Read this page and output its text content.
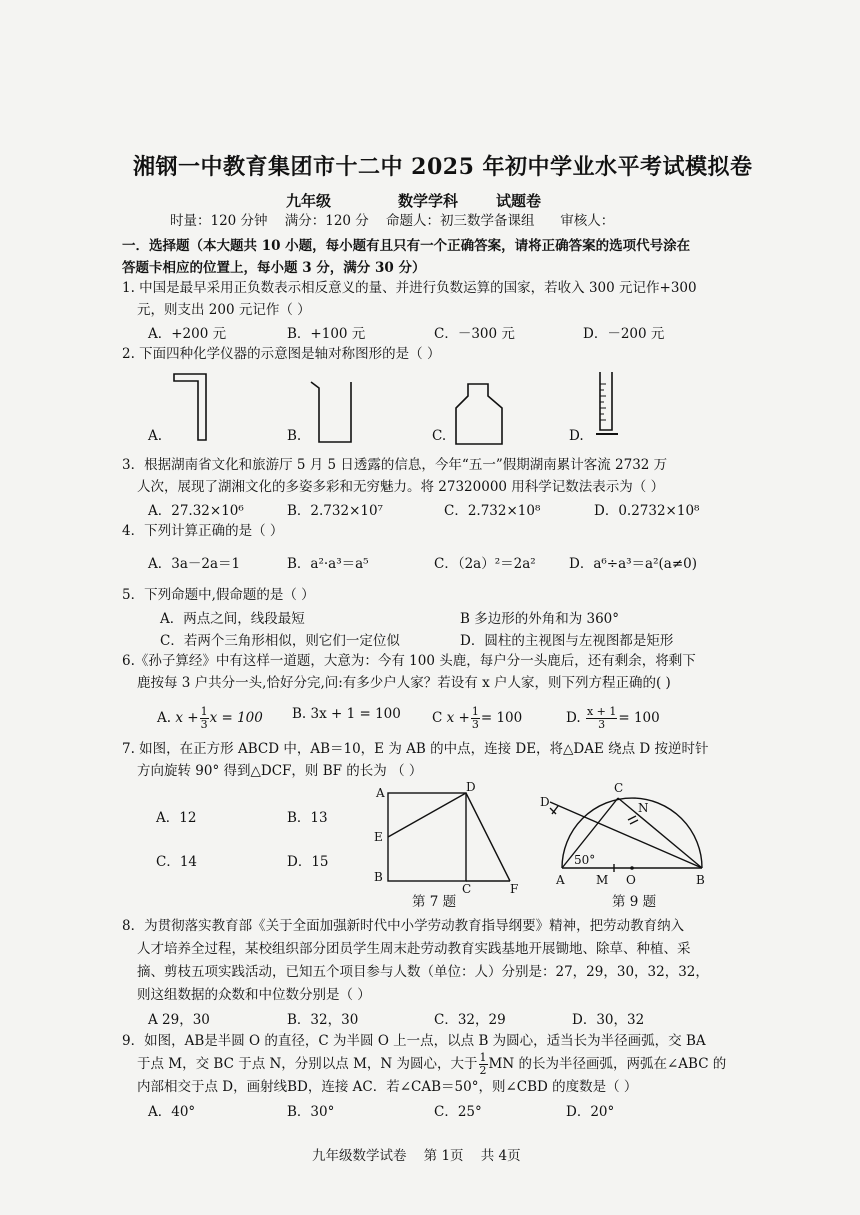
湘钢一中教育集团市十二中 2025 年初中学业水平考试模拟卷
九年级	数学学科	试题卷
时量：120 分钟    满分：120 分    命题人：初三数学备课组      审核人：
一．选择题（本大题共 10 小题，每小题有且只有一个正确答案，请将正确答案的选项代号涂在
答题卡相应的位置上，每小题 3 分，满分 30 分）
1. 中国是最早采用正负数表示相反意义的量、并进行负数运算的国家，若收入 300 元记作+300
元，则支出 200 元记作（ ）
A．+200 元	B．+100 元	C．－300 元	D．－200 元
2. 下面四种化学仪器的示意图是轴对称图形的是（ ）
A.	B.	C.	D.
3．根据湖南省文化和旅游厅 5 月 5 日透露的信息，今年“五一”假期湖南累计客流 2732 万
人次，展现了湖湘文化的多姿多彩和无穷魅力。将 27320000 用科学记数法表示为（ ）
A．27.32×10⁶	B．2.732×10⁷	C．2.732×10⁸	D．0.2732×10⁸
4．下列计算正确的是（ ）
A．3a－2a＝1	B．a²·a³＝a⁵	C．（2a）²＝2a² D．a⁶÷a³＝a²(a≠0)
5．下列命题中,假命题的是（ ）
A．两点之间，线段最短	B 多边形的外角和为 360°
C．若两个三角形相似，则它们一定位似	D．圆柱的主视图与左视图都是矩形
6.《孙子算经》中有这样一道题，大意为：今有 100 头鹿，每户分一头鹿后，还有剩余，将剩下
鹿按每 3 户共分一头,恰好分完,问:有多少户人家？若设有 x 户人家，则下列方程正确的( )
A. $x + \frac{1}{3}$ x = 100 B. 3x + 1 = 100 C $x + \frac{1}{3} = 100$	D. $\frac{x + 1}{3} = 100$
7. 如图，在正方形 ABCD 中，AB＝10，E 为 AB 的中点，连接 DE，将△DAE 绕点 D 按逆时针
方向旋转 90° 得到△DCF，则 BF 的长为 （ ）
A．12	B．13
C．14	D．15
A	D
E
B
C	F
第 7 题
D
C
N
A	M O	B
50°
第 9 题
8．为贯彻落实教育部《关于全面加强新时代中小学劳动教育指导纲要》精神，把劳动教育纳入
人才培养全过程，某校组织部分团员学生周末赴劳动教育实践基地开展锄地、除草、种植、采
摘、剪枝五项实践活动，已知五个项目参与人数（单位：人）分别是：27，29，30，32，32，
则这组数据的众数和中位数分别是（ ）
A 29，30	B．32，30	C．32，29	D．30，32
9．如图，AB是半圆 O 的直径，C 为半圆 O 上一点，以点 B 为圆心，适当长为半径画弧，交 BA
于点 M，交 BC 于点 N，分别以点 M，N 为圆心，大于 $\frac{1}{2}$ MN 的长为半径画弧，两弧在∠ABC 的
内部相交于点 D，画射线BD，连接 AC．若∠CAB＝50°，则∠CBD 的度数是（ ）
A．40°	B．30°	C．25°	D．20°
九年级数学试卷    第 1页    共 4页
